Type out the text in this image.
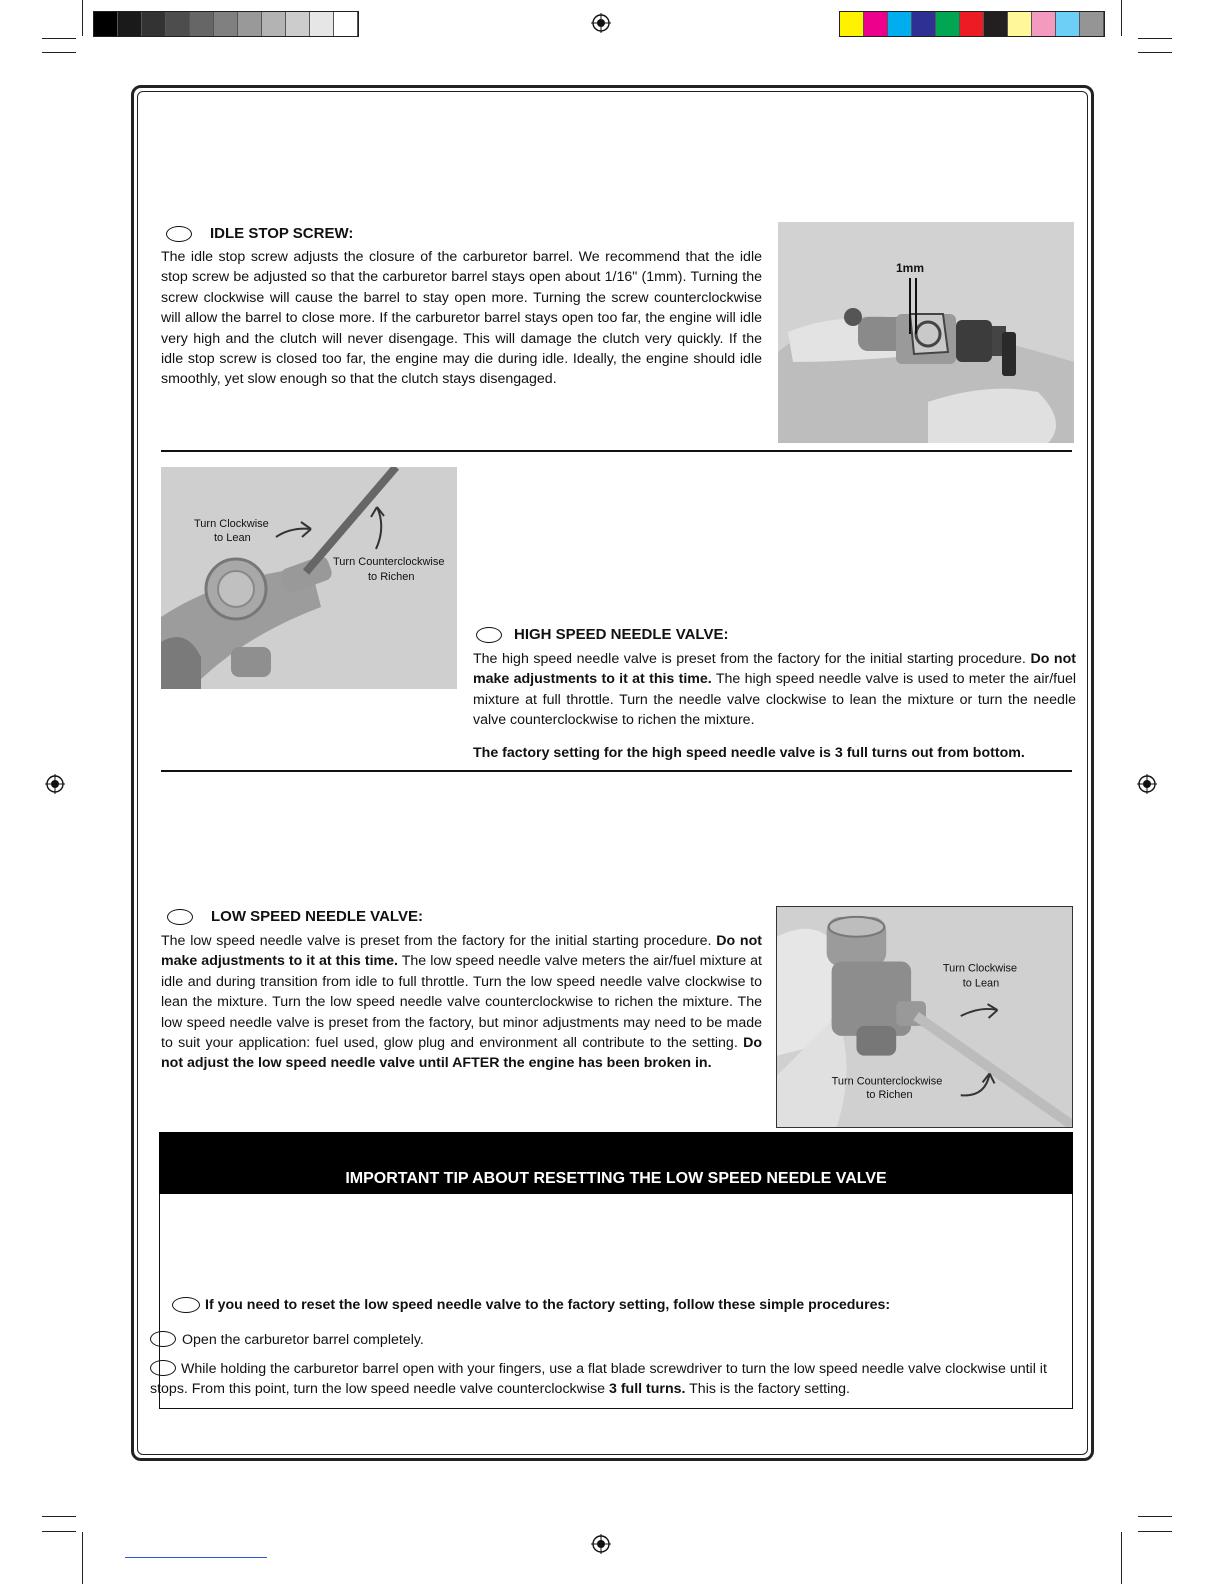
IDLE STOP SCREW:
The idle stop screw adjusts the closure of the carburetor barrel. We recommend that the idle stop screw be adjusted so that the carburetor barrel stays open about 1/16" (1mm). Turning the screw clockwise will cause the barrel to stay open more. Turning the screw counterclockwise will allow the barrel to close more. If the carburetor barrel stays open too far, the engine will idle very high and the clutch will never disengage. This will damage the clutch very quickly. If the idle stop screw is closed too far, the engine may die during idle. Ideally, the engine should idle smoothly, yet slow enough so that the clutch stays disengaged.
1mm
Turn Clockwise
to Lean
Turn Counterclockwise
to Richen
HIGH SPEED NEEDLE VALVE:
The high speed needle valve is preset from the factory for the initial starting procedure. Do not make adjustments to it at this time. The high speed needle valve is used to meter the air/fuel mixture at full throttle. Turn the needle valve clockwise to lean the mixture or turn the needle valve counterclockwise to richen the mixture.
The factory setting for the high speed needle valve is 3 full turns out from bottom.
LOW SPEED NEEDLE VALVE:
The low speed needle valve is preset from the factory for the initial starting procedure. Do not make adjustments to it at this time. The low speed needle valve meters the air/fuel mixture at idle and during transition from idle to full throttle. Turn the low speed needle valve clockwise to lean the mixture. Turn the low speed needle valve counterclockwise to richen the mixture. The low speed needle valve is preset from the factory, but minor adjustments may need to be made to suit your application: fuel used, glow plug and environment all contribute to the setting. Do not adjust the low speed needle valve until AFTER the engine has been broken in.
Turn Clockwise
to Lean
Turn Counterclockwise
to Richen
IMPORTANT TIP ABOUT RESETTING THE LOW SPEED NEEDLE VALVE
If you need to reset the low speed needle valve to the factory setting, follow these simple procedures:
Open the carburetor barrel completely.
While holding the carburetor barrel open with your fingers, use a flat blade screwdriver to turn the low speed needle valve clockwise until it stops. From this point, turn the low speed needle valve counterclockwise 3 full turns. This is the factory setting.
